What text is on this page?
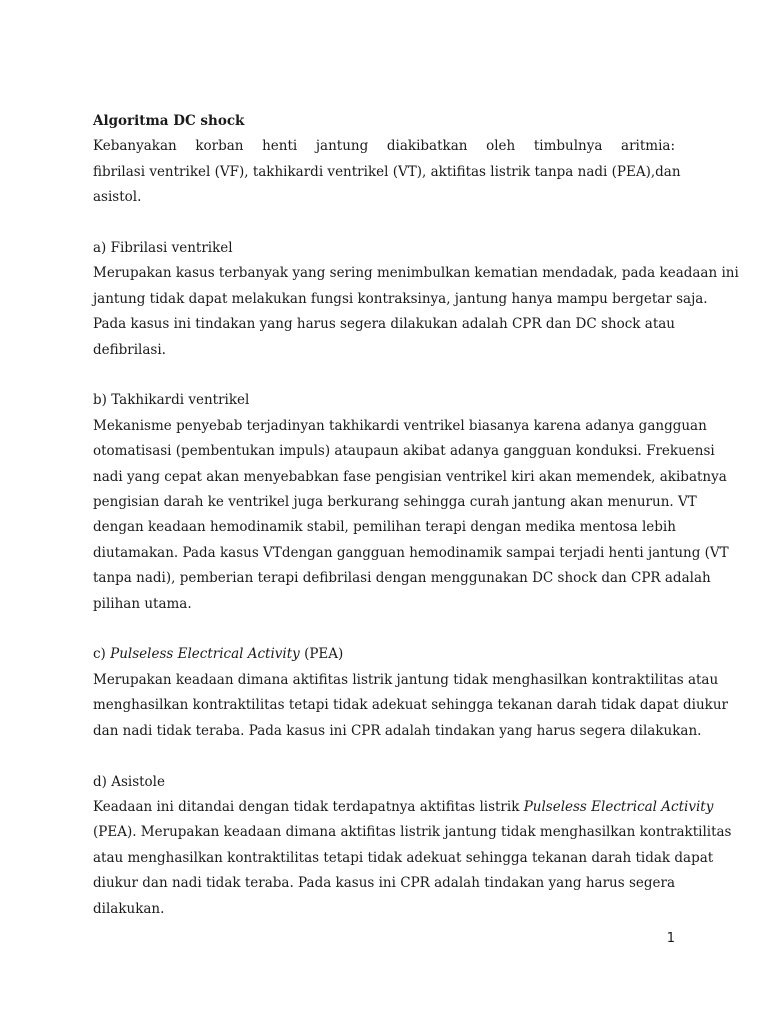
Algoritma DC shock
Kebanyakan korban henti jantung diakibatkan oleh timbulnya aritmia:
fibrilasi ventrikel (VF), takhikardi ventrikel (VT), aktifitas listrik tanpa nadi (PEA),dan
asistol.
a) Fibrilasi ventrikel
Merupakan kasus terbanyak yang sering menimbulkan kematian mendadak, pada keadaan ini
jantung tidak dapat melakukan fungsi kontraksinya, jantung hanya mampu bergetar saja.
Pada kasus ini tindakan yang harus segera dilakukan adalah CPR dan DC shock atau
defibrilasi.
b) Takhikardi ventrikel
Mekanisme penyebab terjadinyan takhikardi ventrikel biasanya karena adanya gangguan
otomatisasi (pembentukan impuls) ataupaun akibat adanya gangguan konduksi. Frekuensi
nadi yang cepat akan menyebabkan fase pengisian ventrikel kiri akan memendek, akibatnya
pengisian darah ke ventrikel juga berkurang sehingga curah jantung akan menurun. VT
dengan keadaan hemodinamik stabil, pemilihan terapi dengan medika mentosa lebih
diutamakan. Pada kasus VTdengan gangguan hemodinamik sampai terjadi henti jantung (VT
tanpa nadi), pemberian terapi defibrilasi dengan menggunakan DC shock dan CPR adalah
pilihan utama.
c) Pulseless Electrical Activity (PEA)
Merupakan keadaan dimana aktifitas listrik jantung tidak menghasilkan kontraktilitas atau
menghasilkan kontraktilitas tetapi tidak adekuat sehingga tekanan darah tidak dapat diukur
dan nadi tidak teraba. Pada kasus ini CPR adalah tindakan yang harus segera dilakukan.
d) Asistole
Keadaan ini ditandai dengan tidak terdapatnya aktifitas listrik Pulseless Electrical Activity
(PEA). Merupakan keadaan dimana aktifitas listrik jantung tidak menghasilkan kontraktilitas
atau menghasilkan kontraktilitas tetapi tidak adekuat sehingga tekanan darah tidak dapat
diukur dan nadi tidak teraba. Pada kasus ini CPR adalah tindakan yang harus segera
dilakukan.
1
